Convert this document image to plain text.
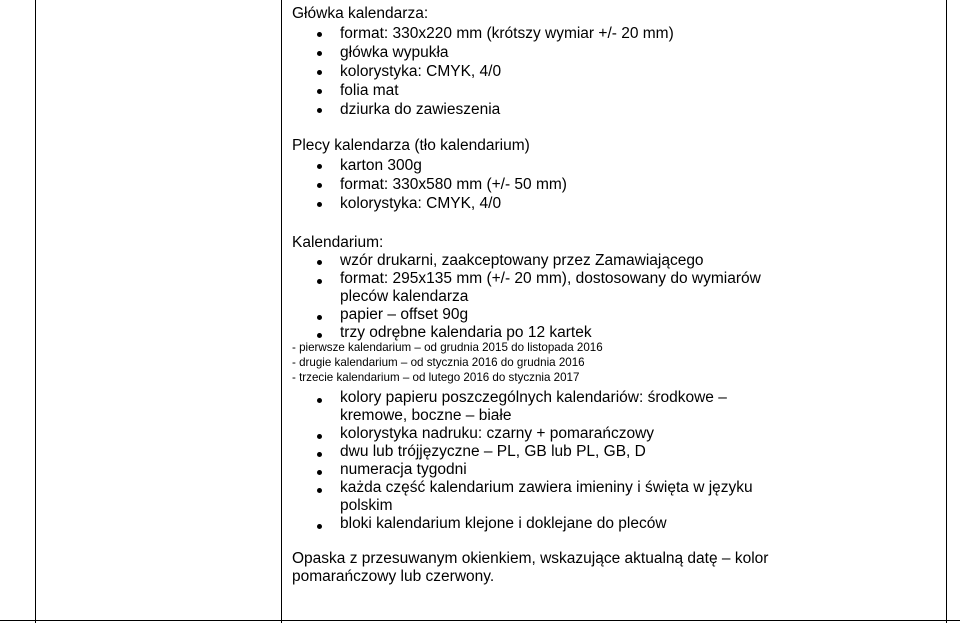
Główka kalendarza:
format: 330x220 mm (krótszy wymiar +/- 20 mm)
główka wypukła
kolorystyka: CMYK, 4/0
folia mat
dziurka do zawieszenia
Plecy kalendarza (tło kalendarium)
karton 300g
format: 330x580 mm (+/- 50 mm)
kolorystyka: CMYK, 4/0
Kalendarium:
wzór drukarni, zaakceptowany przez Zamawiającego
format: 295x135 mm (+/- 20 mm), dostosowany do wymiarów
pleców kalendarza
papier – offset 90g
trzy odrębne kalendaria po 12 kartek
- pierwsze kalendarium – od grudnia 2015 do listopada 2016
- drugie kalendarium – od stycznia 2016 do grudnia 2016
- trzecie kalendarium – od lutego 2016 do stycznia 2017
kolory papieru poszczególnych kalendariów: środkowe –
kremowe, boczne – białe
kolorystyka nadruku: czarny + pomarańczowy
dwu lub trójjęzyczne – PL, GB lub PL, GB, D
numeracja tygodni
każda część kalendarium zawiera imieniny i święta w języku
polskim
bloki kalendarium klejone i doklejane do pleców
Opaska z przesuwanym okienkiem, wskazujące aktualną datę – kolor
pomarańczowy lub czerwony.
